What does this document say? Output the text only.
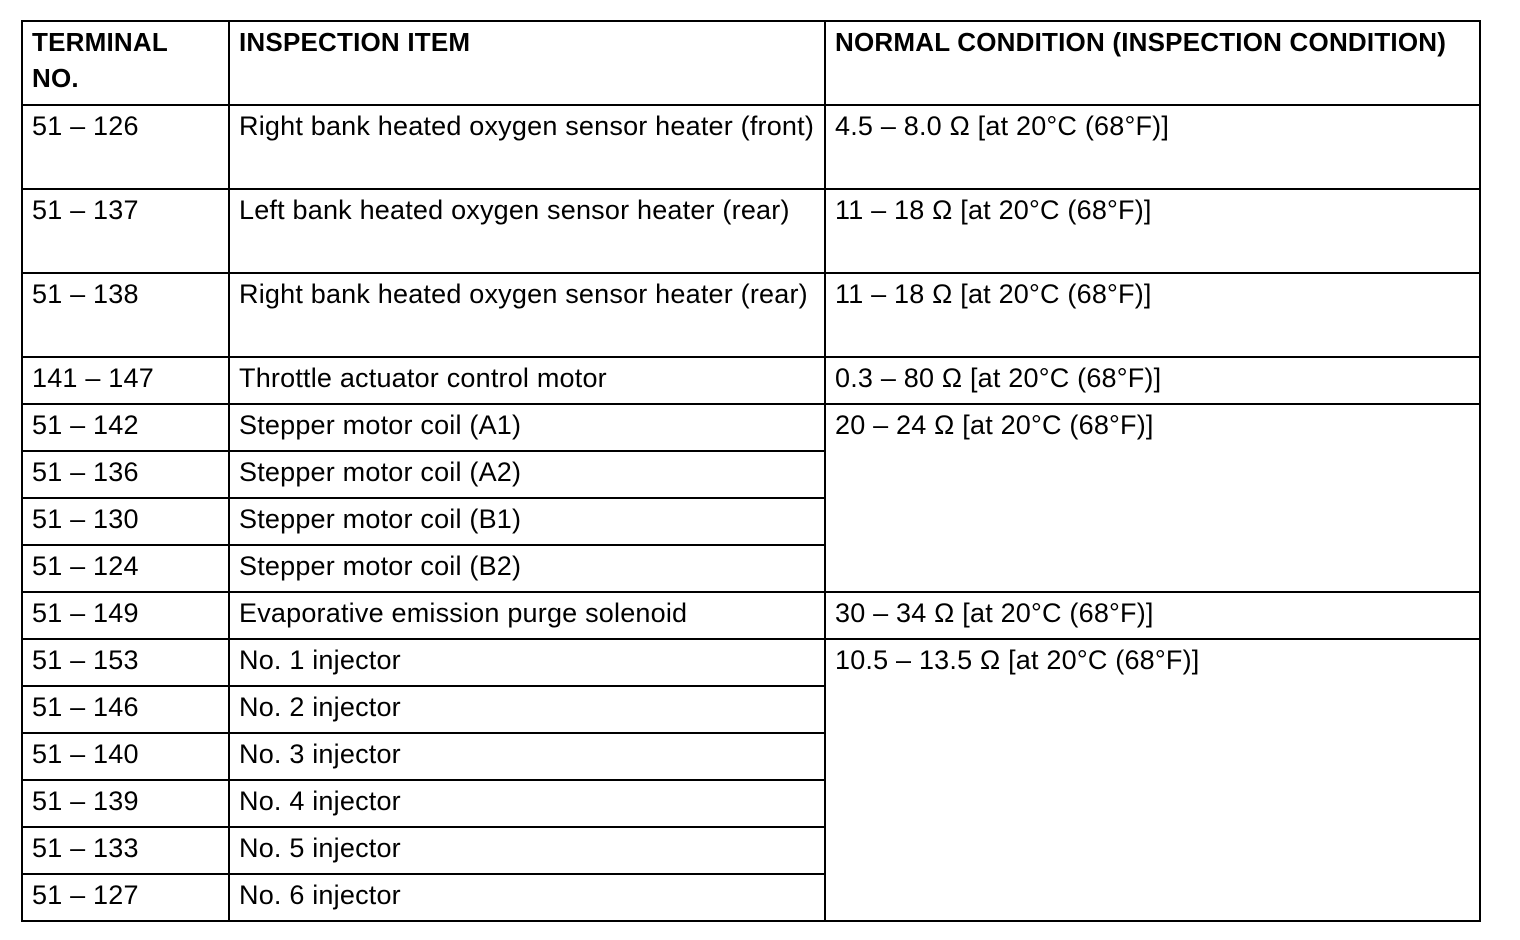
TERMINAL NO.	INSPECTION ITEM	NORMAL CONDITION (INSPECTION CONDITION)
51 – 126	Right bank heated oxygen sensor heater (front)	4.5 – 8.0 Ω [at 20°C (68°F)]
51 – 137	Left bank heated oxygen sensor heater (rear)	11 – 18 Ω [at 20°C (68°F)]
51 – 138	Right bank heated oxygen sensor heater (rear)	11 – 18 Ω [at 20°C (68°F)]
141 – 147	Throttle actuator control motor	0.3 – 80 Ω [at 20°C (68°F)]
51 – 142	Stepper motor coil (A1)	20 – 24 Ω [at 20°C (68°F)]
51 – 136	Stepper motor coil (A2)	
51 – 130	Stepper motor coil (B1)	
51 – 124	Stepper motor coil (B2)	
51 – 149	Evaporative emission purge solenoid	30 – 34 Ω [at 20°C (68°F)]
51 – 153	No. 1 injector	10.5 – 13.5 Ω [at 20°C (68°F)]
51 – 146	No. 2 injector	
51 – 140	No. 3 injector	
51 – 139	No. 4 injector	
51 – 133	No. 5 injector	
51 – 127	No. 6 injector	
